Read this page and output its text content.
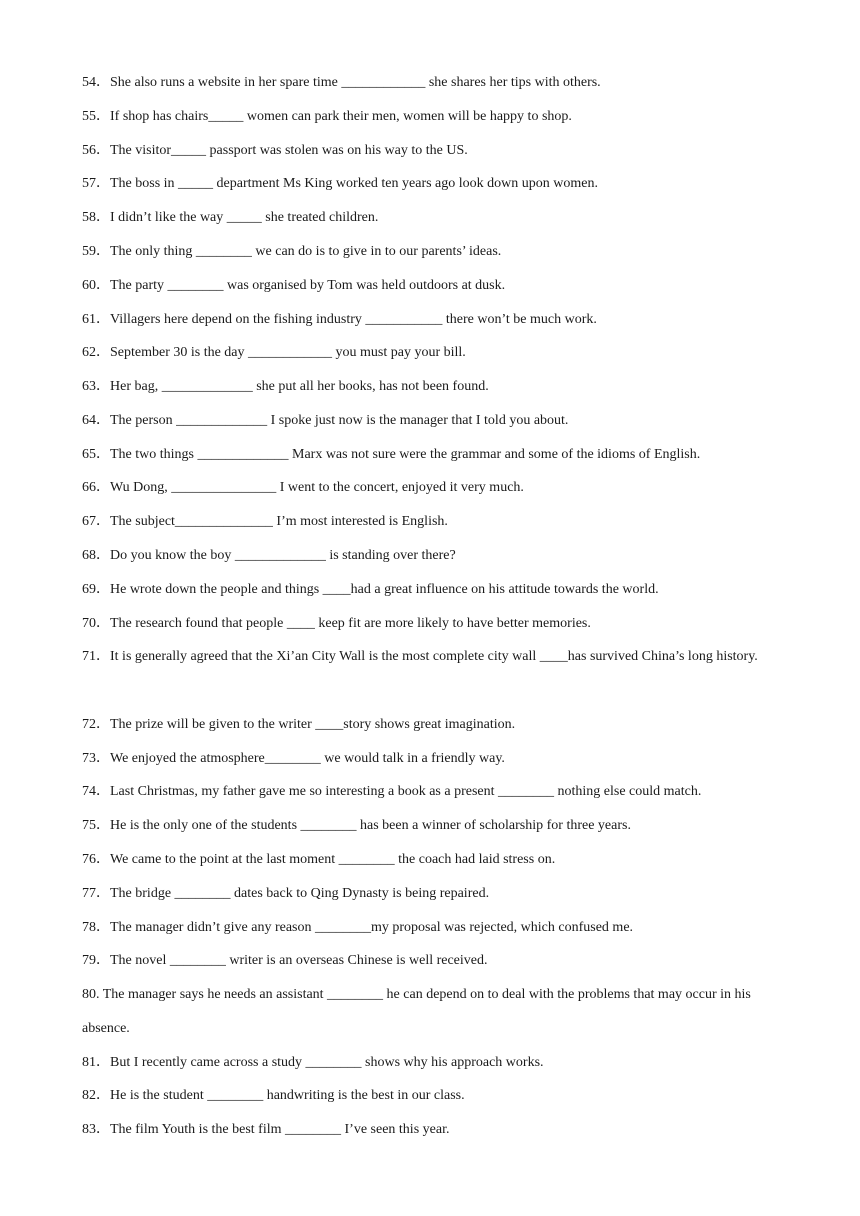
54．She also runs a website in her spare time ____________ she shares her tips with others.
55．If shop has chairs_____ women can park their men, women will be happy to shop.
56．The visitor_____ passport was stolen was on his way to the US.
57．The boss in _____ department Ms King worked ten years ago look down upon women.
58．I didn’t like the way _____ she treated children.
59．The only thing ________ we can do is to give in to our parents’ ideas.
60．The party ________ was organised by Tom was held outdoors at dusk.
61．Villagers here depend on the fishing industry ___________ there won’t be much work.
62．September 30 is the day ____________ you must pay your bill.
63．Her bag, _____________ she put all her books, has not been found.
64．The person _____________ I spoke just now is the manager that I told you about.
65．The two things _____________ Marx was not sure were the grammar and some of the idioms of English.
66．Wu Dong, _______________ I went to the concert, enjoyed it very much.
67．The subject______________ I’m most interested is English.
68．Do you know the boy _____________ is standing over there?
69．He wrote down the people and things ____had a great influence on his attitude towards the world.
70．The research found that people ____ keep fit are more likely to have better memories.
71．It is generally agreed that the Xi’an City Wall is the most complete city wall ____has survived China’s long history.
72．The prize will be given to the writer ____story shows great imagination.
73．We enjoyed the atmosphere________ we would talk in a friendly way.
74．Last Christmas, my father gave me so interesting a book as a present ________ nothing else could match.
75．He is the only one of the students ________ has been a winner of scholarship for three years.
76．We came to the point at the last moment ________ the coach had laid stress on.
77．The bridge ________ dates back to Qing Dynasty is being repaired.
78．The manager didn’t give any reason ________my proposal was rejected, which confused me.
79．The novel ________ writer is an overseas Chinese is well received.
80. The manager says he needs an assistant ________ he can depend on to deal with the problems that may occur in his absence.
81．But I recently came across a study ________ shows why his approach works.
82．He is the student ________ handwriting is the best in our class.
83．The film Youth is the best film ________ I’ve seen this year.
